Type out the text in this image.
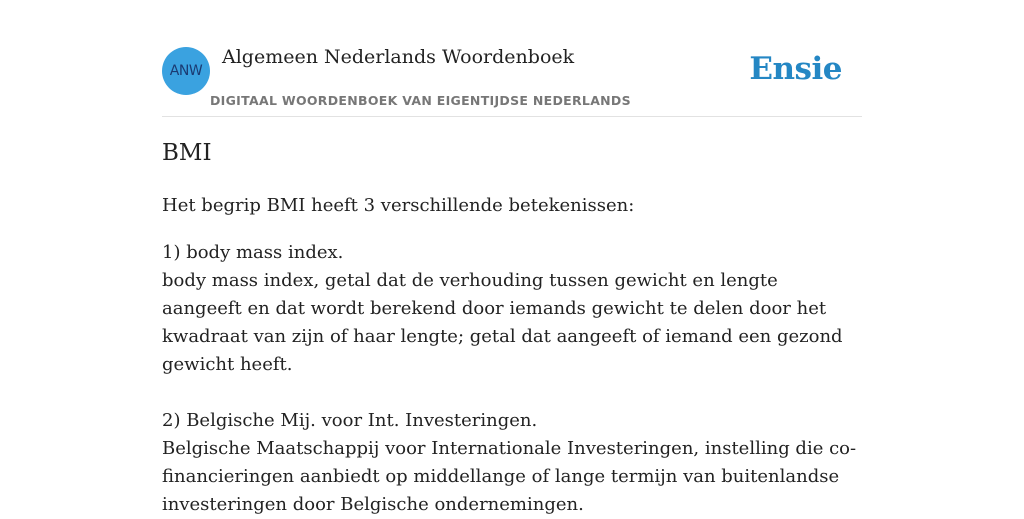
ANW
Algemeen Nederlands Woordenboek
DIGITAAL WOORDENBOEK VAN EIGENTIJDSE NEDERLANDS
Ensie
BMI

Het begrip BMI heeft 3 verschillende betekenissen:

1) body mass index.

body mass index, getal dat de verhouding tussen gewicht en lengte aangeeft en dat wordt berekend door iemands gewicht te delen door het kwadraat van zijn of haar lengte; getal dat aangeeft of iemand een gezond gewicht heeft.

2) Belgische Mij. voor Int. Investeringen.

Belgische Maatschappij voor Internationale Investeringen, instelling die co-financieringen aanbiedt op middellange of lange termijn van buitenlandse investeringen door Belgische ondernemingen.
